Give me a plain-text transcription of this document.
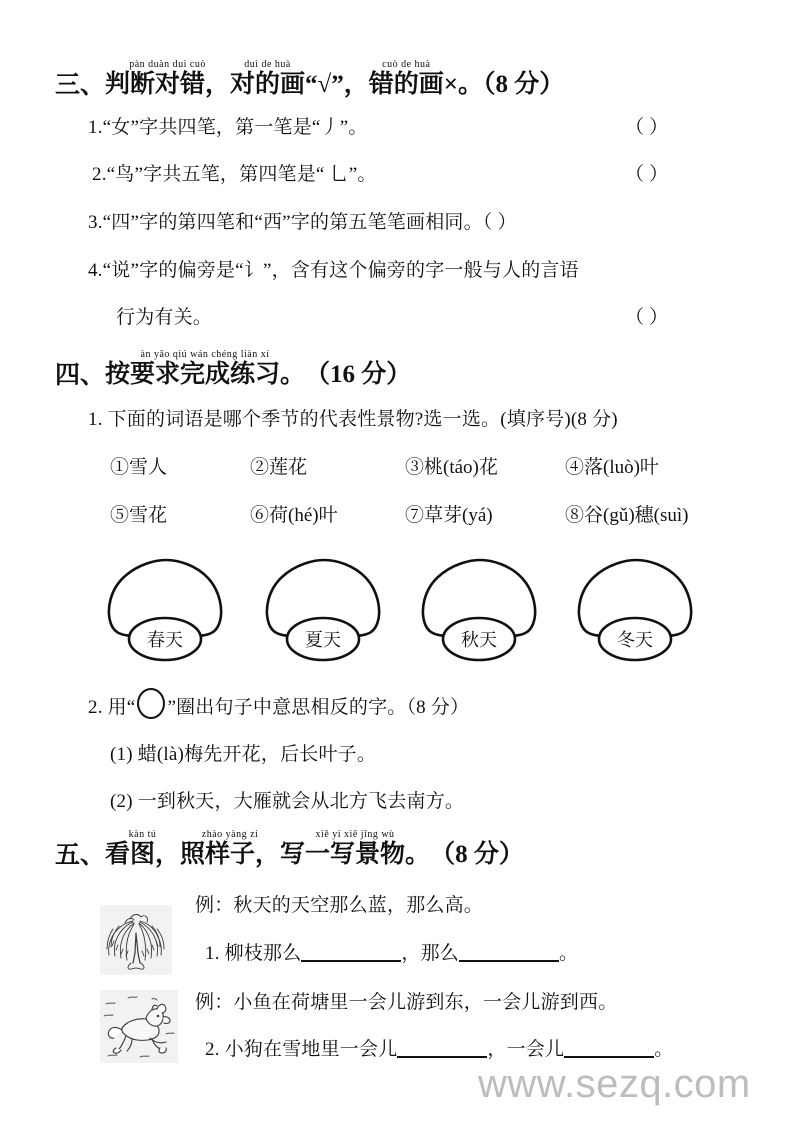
三、
pàn duàn duì cuò
判断对错，
duì de huà
对的画 “√”，
cuò de huà
错的画 ×。（8 分）
1.“女”字共四笔，第一笔是“丿”。	（ ）
2.“鸟”字共五笔，第四笔是“ 乚”。	（ ）
3.“四”字的第四笔和“西”字的第五笔笔画相同。（ ）
4.“说”字的偏旁是“讠”，含有这个偏旁的字一般与人的言语
行为有关。	（ ）
四、
àn yāo qiú wán chéng liàn xí
按要求完成练习。 （16 分）
1. 下面的词语是哪个季节的代表性景物?选一选。(填序号)(8 分)
①雪人	②莲花	③桃(táo)花	④落(luò)叶
⑤雪花	⑥荷(hé)叶	⑦草芽(yá)	⑧谷(gǔ)穗(suì)
春天	夏天	秋天	冬天
2. 用“ ”圈出句子中意思相反的字。（8 分）
(1) 蜡(là)梅先开花，后长叶子。
(2) 一到秋天，大雁就会从北方飞去南方。
五、
kàn tú
看图，
zhào yàng zi
照样子，
xiě yi xiě jǐng wù
写一写景物。 （8 分）
例：秋天的天空那么蓝，那么高。
1. 柳枝那么	，那么	。
例：小鱼在荷塘里一会儿游到东，一会儿游到西。
2. 小狗在雪地里一会儿	，一会儿	。
www.sezq.com
